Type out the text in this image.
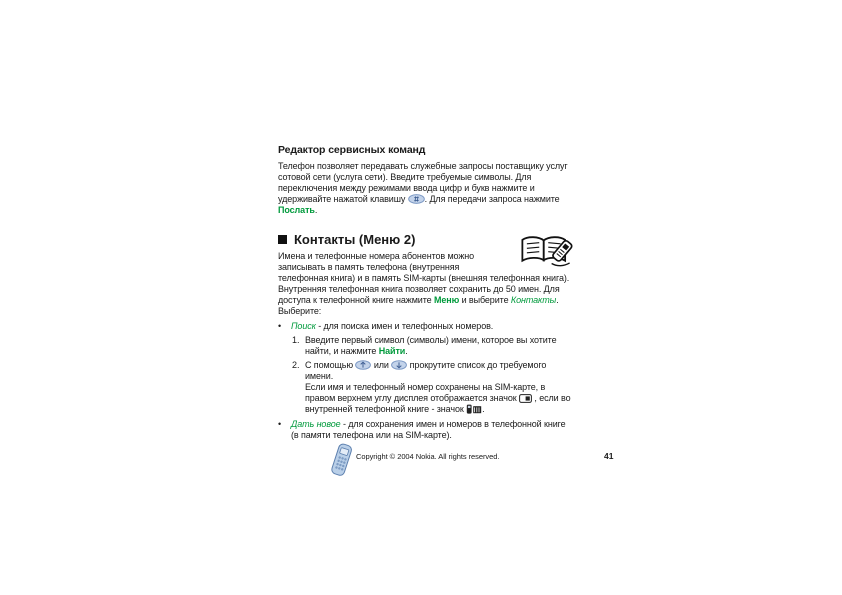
Редактор сервисных команд

Телефон позволяет передавать служебные запросы поставщику услуг сотовой сети (услуга сети). Введите требуемые символы. Для переключения между режимами ввода цифр и букв нажмите и удерживайте нажатой клавишу . Для передачи запроса нажмите Послать.

Контакты (Меню 2)

Имена и телефонные номера абонентов можно записывать в память телефона (внутренняя телефонная книга) и в память SIM-карты (внешняя телефонная книга). Внутренняя телефонная книга позволяет сохранить до 50 имен. Для доступа к телефонной книге нажмите Меню и выберите Контакты.

Выберите:

•	Поиск - для поиска имен и телефонных номеров.

1. Введите первый символ (символы) имени, которое вы хотите найти, и нажмите Найти.

2. С помощью  или  прокрутите список до требуемого имени.

Если имя и телефонный номер сохранены на SIM-карте, в правом верхнем углу дисплея отображается значок  , если во внутренней телефонной книге - значок .

•	Дать новое - для сохранения имен и номеров в телефонной книге (в памяти телефона или на SIM-карте).

Copyright © 2004 Nokia. All rights reserved.	41
